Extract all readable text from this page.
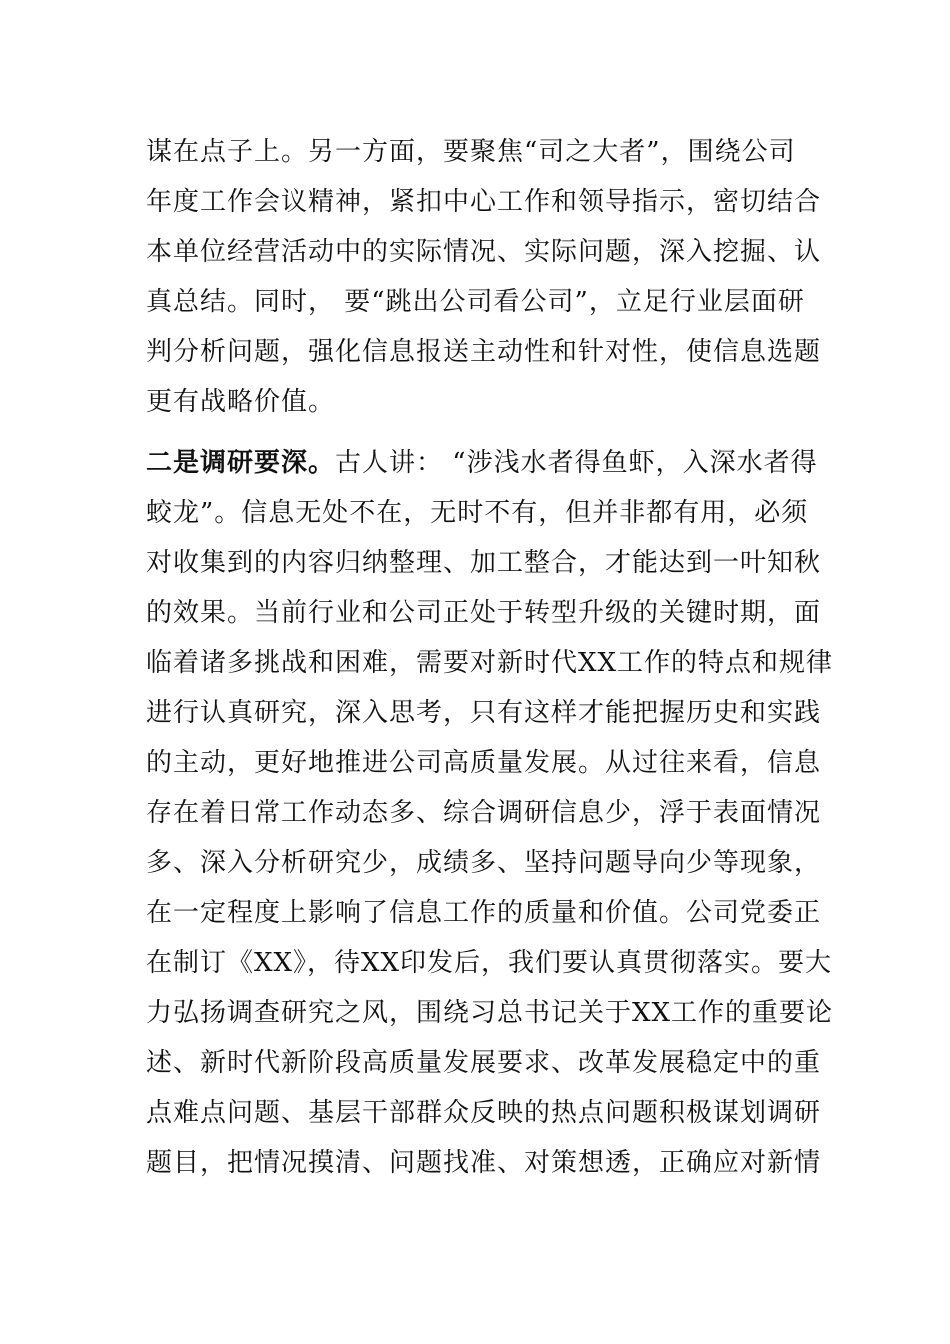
谋在点子上。另一方面，要聚焦“司之大者”，围绕公司
年度工作会议精神，紧扣中心工作和领导指示，密切结合
本单位经营活动中的实际情况、实际问题，深入挖掘、认
真总结。同时， 要“跳出公司看公司”，立足行业层面研
判分析问题，强化信息报送主动性和针对性，使信息选题
更有战略价值。
二是调研要深。古人讲： “涉浅水者得鱼虾，入深水者得
蛟龙”。信息无处不在，无时不有，但并非都有用，必须
对收集到的内容归纳整理、加工整合，才能达到一叶知秋
的效果。当前行业和公司正处于转型升级的关键时期，面
临着诸多挑战和困难，需要对新时代XX工作的特点和规律
进行认真研究，深入思考，只有这样才能把握历史和实践
的主动，更好地推进公司高质量发展。从过往来看，信息
存在着日常工作动态多、综合调研信息少，浮于表面情况
多、深入分析研究少，成绩多、坚持问题导向少等现象，
在一定程度上影响了信息工作的质量和价值。公司党委正
在制订《XX》，待XX印发后，我们要认真贯彻落实。要大
力弘扬调查研究之风，围绕习总书记关于XX工作的重要论
述、新时代新阶段高质量发展要求、改革发展稳定中的重
点难点问题、基层干部群众反映的热点问题积极谋划调研
题目，把情况摸清、问题找准、对策想透，正确应对新情
